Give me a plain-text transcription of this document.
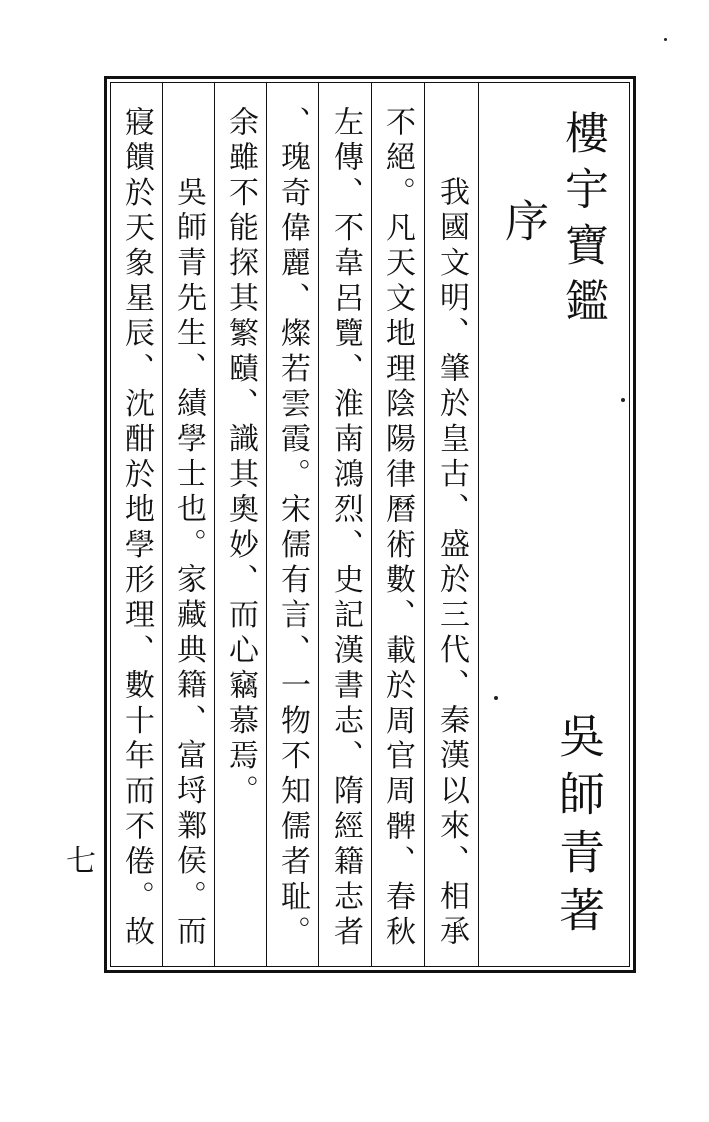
樓宇寶鑑
序
吳師青著
我國文明、肇於皇古、盛於三代、秦漢以來、相承
不絕。凡天文地理陰陽律曆術數、載於周官周髀、春秋
左傳、不韋呂覽、淮南鴻烈、史記漢書志、隋經籍志者
、瑰奇偉麗、燦若雲霞。宋儒有言、一物不知儒者耻。
余雖不能探其繁賾、識其奧妙、而心竊慕焉。
吳師青先生、績學士也。家藏典籍、富埒鄴侯。而
寢饋於天象星辰、沈酣於地學形理、數十年而不倦。故
七
